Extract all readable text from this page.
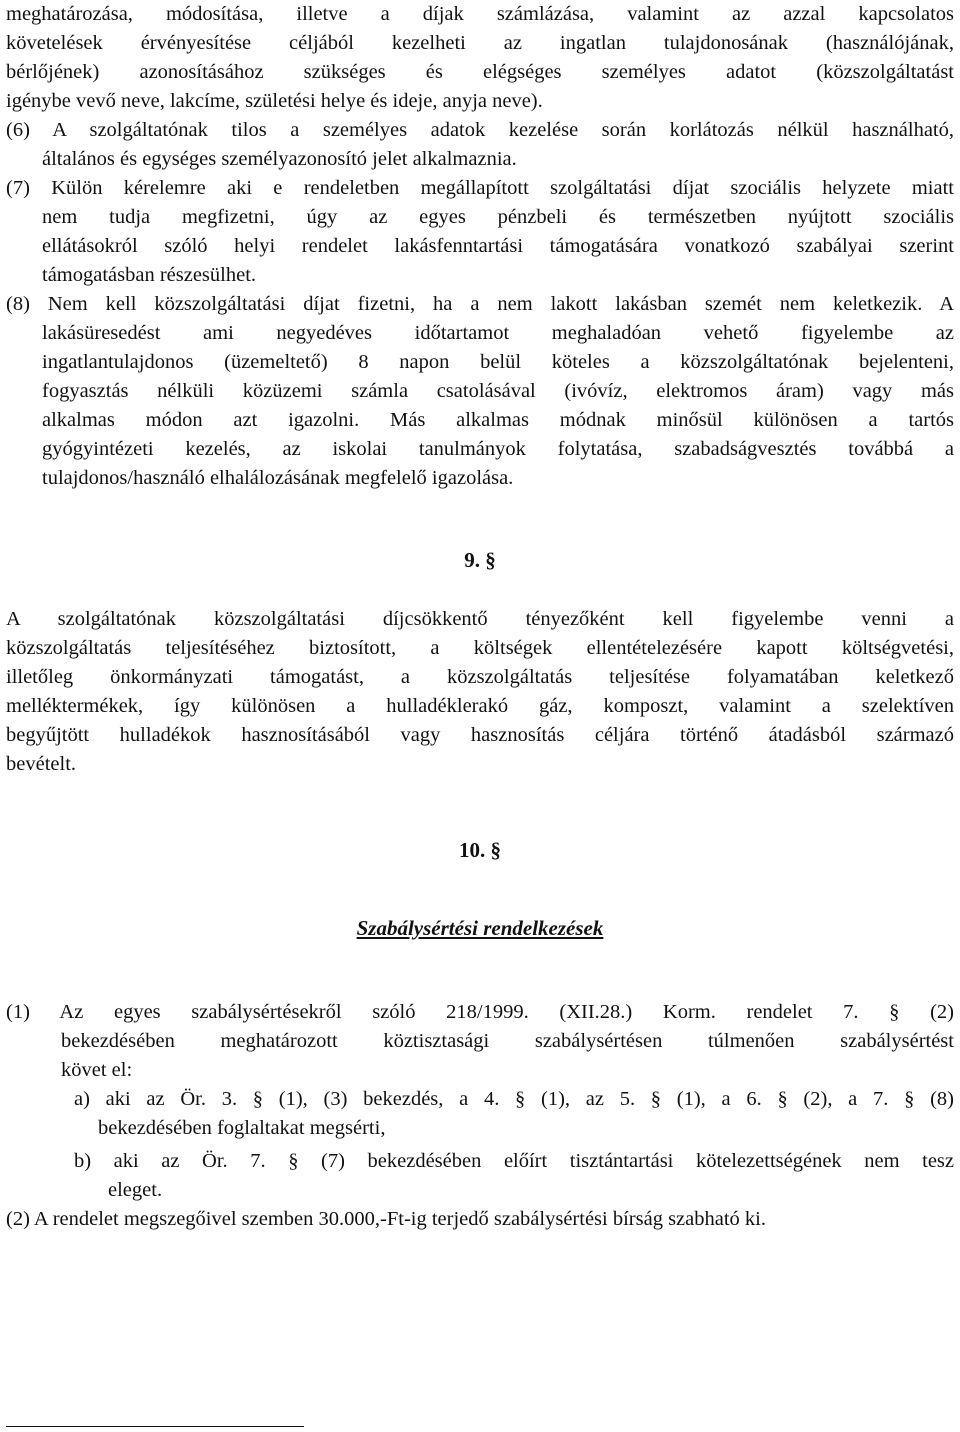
meghatározása, módosítása, illetve a díjak számlázása, valamint az azzal kapcsolatos
követelések érvényesítése céljából kezelheti az ingatlan tulajdonosának (használójának,
bérlőjének) azonosításához szükséges és elégséges személyes adatot (közszolgáltatást
igénybe vevő neve, lakcíme, születési helye és ideje, anyja neve).
(6) A szolgáltatónak tilos a személyes adatok kezelése során korlátozás nélkül használható,
általános és egységes személyazonosító jelet alkalmaznia.
(7) Külön kérelemre aki e rendeletben megállapított szolgáltatási díjat szociális helyzete miatt
nem tudja megfizetni, úgy az egyes pénzbeli és természetben nyújtott szociális
ellátásokról szóló helyi rendelet lakásfenntartási támogatására vonatkozó szabályai szerint
támogatásban részesülhet.
(8) Nem kell közszolgáltatási díjat fizetni, ha a nem lakott lakásban szemét nem keletkezik. A
lakásüresedést ami negyedéves időtartamot meghaladóan vehető figyelembe az
ingatlantulajdonos (üzemeltető) 8 napon belül köteles a közszolgáltatónak bejelenteni,
fogyasztás nélküli közüzemi számla csatolásával (ivóvíz, elektromos áram) vagy más
alkalmas módon azt igazolni. Más alkalmas módnak minősül különösen a tartós
gyógyintézeti kezelés, az iskolai tanulmányok folytatása, szabadságvesztés továbbá a
tulajdonos/használó elhalálozásának megfelelő igazolása.
9. §
A szolgáltatónak közszolgáltatási díjcsökkentő tényezőként kell figyelembe venni a
közszolgáltatás teljesítéséhez biztosított, a költségek ellentételezésére kapott költségvetési,
illetőleg önkormányzati támogatást, a közszolgáltatás teljesítése folyamatában keletkező
melléktermékek, így különösen a hulladéklerakó gáz, komposzt, valamint a szelektíven
begyűjtött hulladékok hasznosításából vagy hasznosítás céljára történő átadásból származó
bevételt.
10. §
Szabálysértési rendelkezések
(1) Az egyes szabálysértésekről szóló 218/1999. (XII.28.) Korm. rendelet 7. § (2)
bekezdésében meghatározott köztisztasági szabálysértésen túlmenően szabálysértést
követ el:
a) aki az Ör. 3. § (1), (3) bekezdés, a 4. § (1), az 5. § (1), a 6. § (2), a 7. § (8)
bekezdésében foglaltakat megsérti,
b) aki az Ör. 7. § (7) bekezdésében előírt tisztántartási kötelezettségének nem tesz
eleget.
(2) A rendelet megszegőivel szemben 30.000,-Ft-ig terjedő szabálysértési bírság szabható ki.
